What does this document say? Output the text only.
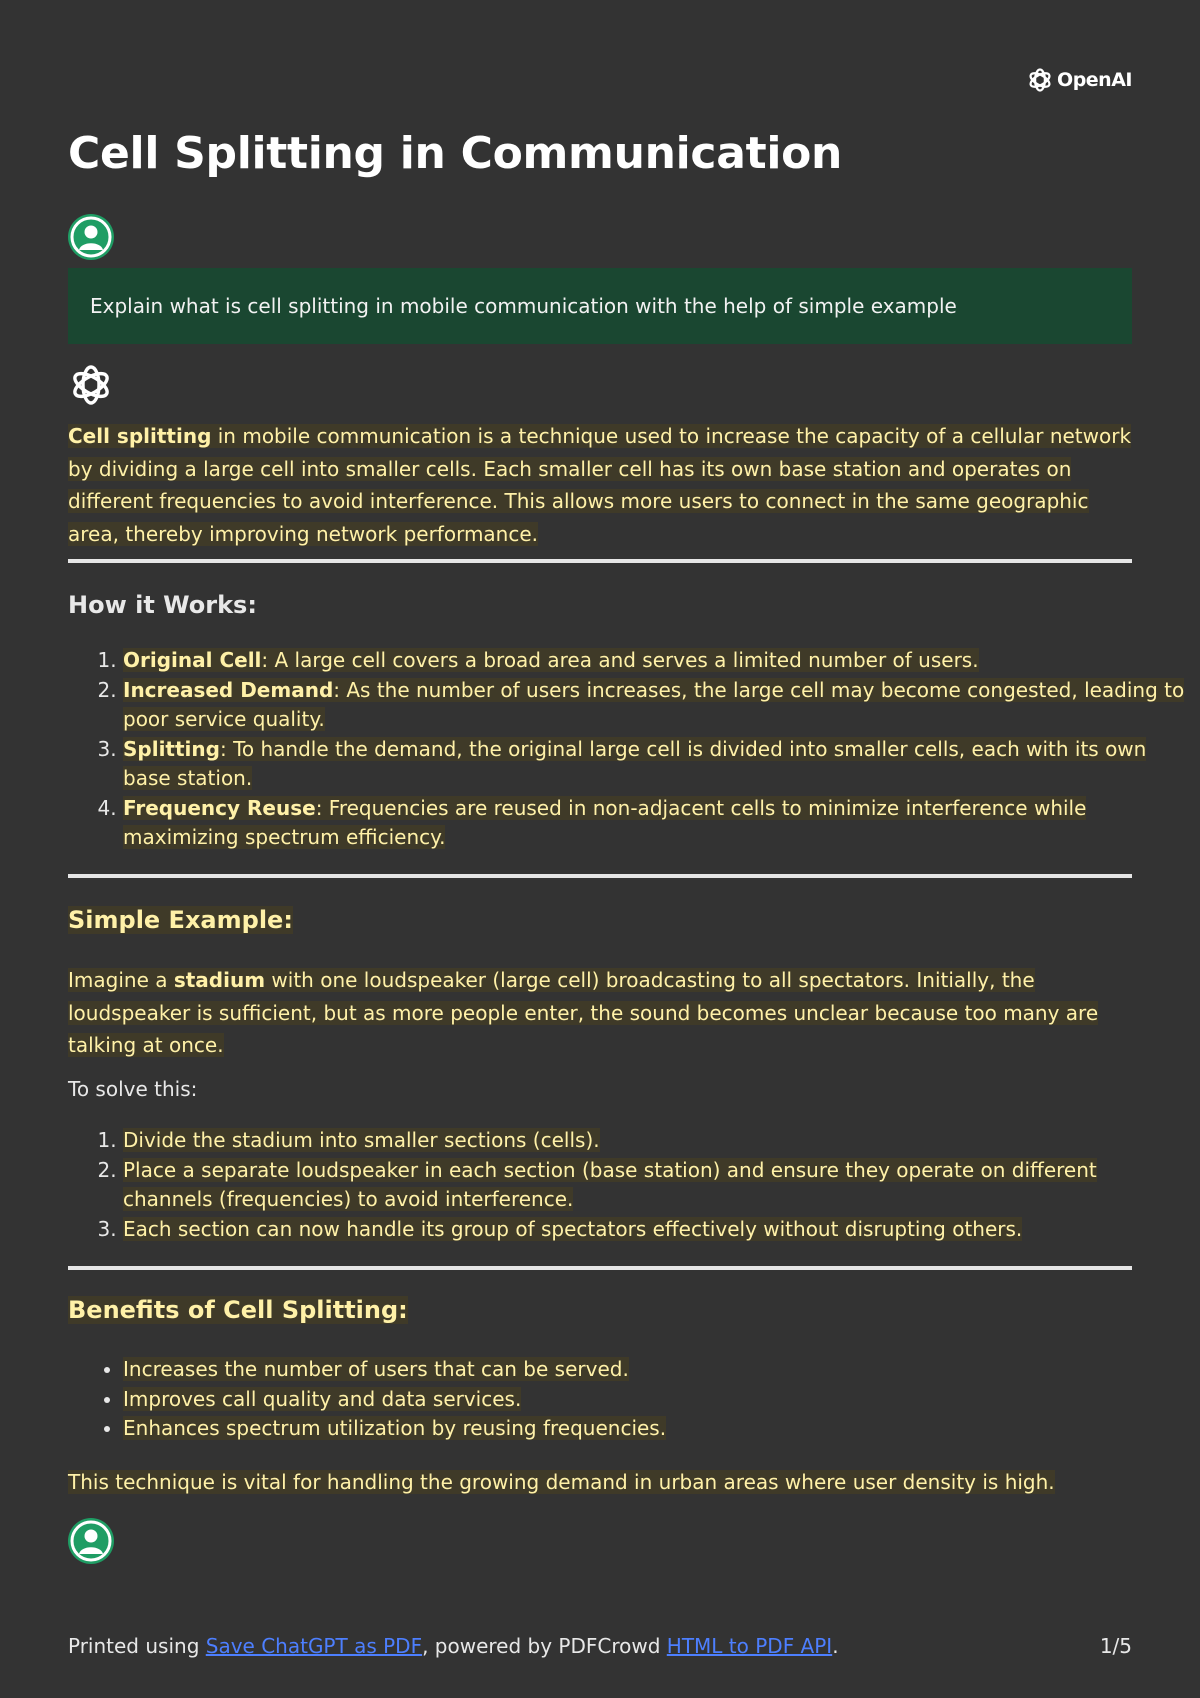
OpenAI
Cell Splitting in Communication
Explain what is cell splitting in mobile communication with the help of simple example

Cell splitting in mobile communication is a technique used to increase the capacity of a cellular network by dividing a large cell into smaller cells. Each smaller cell has its own base station and operates on different frequencies to avoid interference. This allows more users to connect in the same geographic area, thereby improving network performance.

How it Works:
1. Original Cell: A large cell covers a broad area and serves a limited number of users.
2. Increased Demand: As the number of users increases, the large cell may become congested, leading to poor service quality.
3. Splitting: To handle the demand, the original large cell is divided into smaller cells, each with its own base station.
4. Frequency Reuse: Frequencies are reused in non-adjacent cells to minimize interference while maximizing spectrum efficiency.
Simple Example:

Imagine a stadium with one loudspeaker (large cell) broadcasting to all spectators. Initially, the loudspeaker is sufficient, but as more people enter, the sound becomes unclear because too many are talking at once.

To solve this:

1. Divide the stadium into smaller sections (cells).
2. Place a separate loudspeaker in each section (base station) and ensure they operate on different channels (frequencies) to avoid interference.
3. Each section can now handle its group of spectators effectively without disrupting others.
Benefits of Cell Splitting:
• Increases the number of users that can be served.
• Improves call quality and data services.
• Enhances spectrum utilization by reusing frequencies.

This technique is vital for handling the growing demand in urban areas where user density is high.

Printed using Save ChatGPT as PDF, powered by PDFCrowd HTML to PDF API.	1/5
